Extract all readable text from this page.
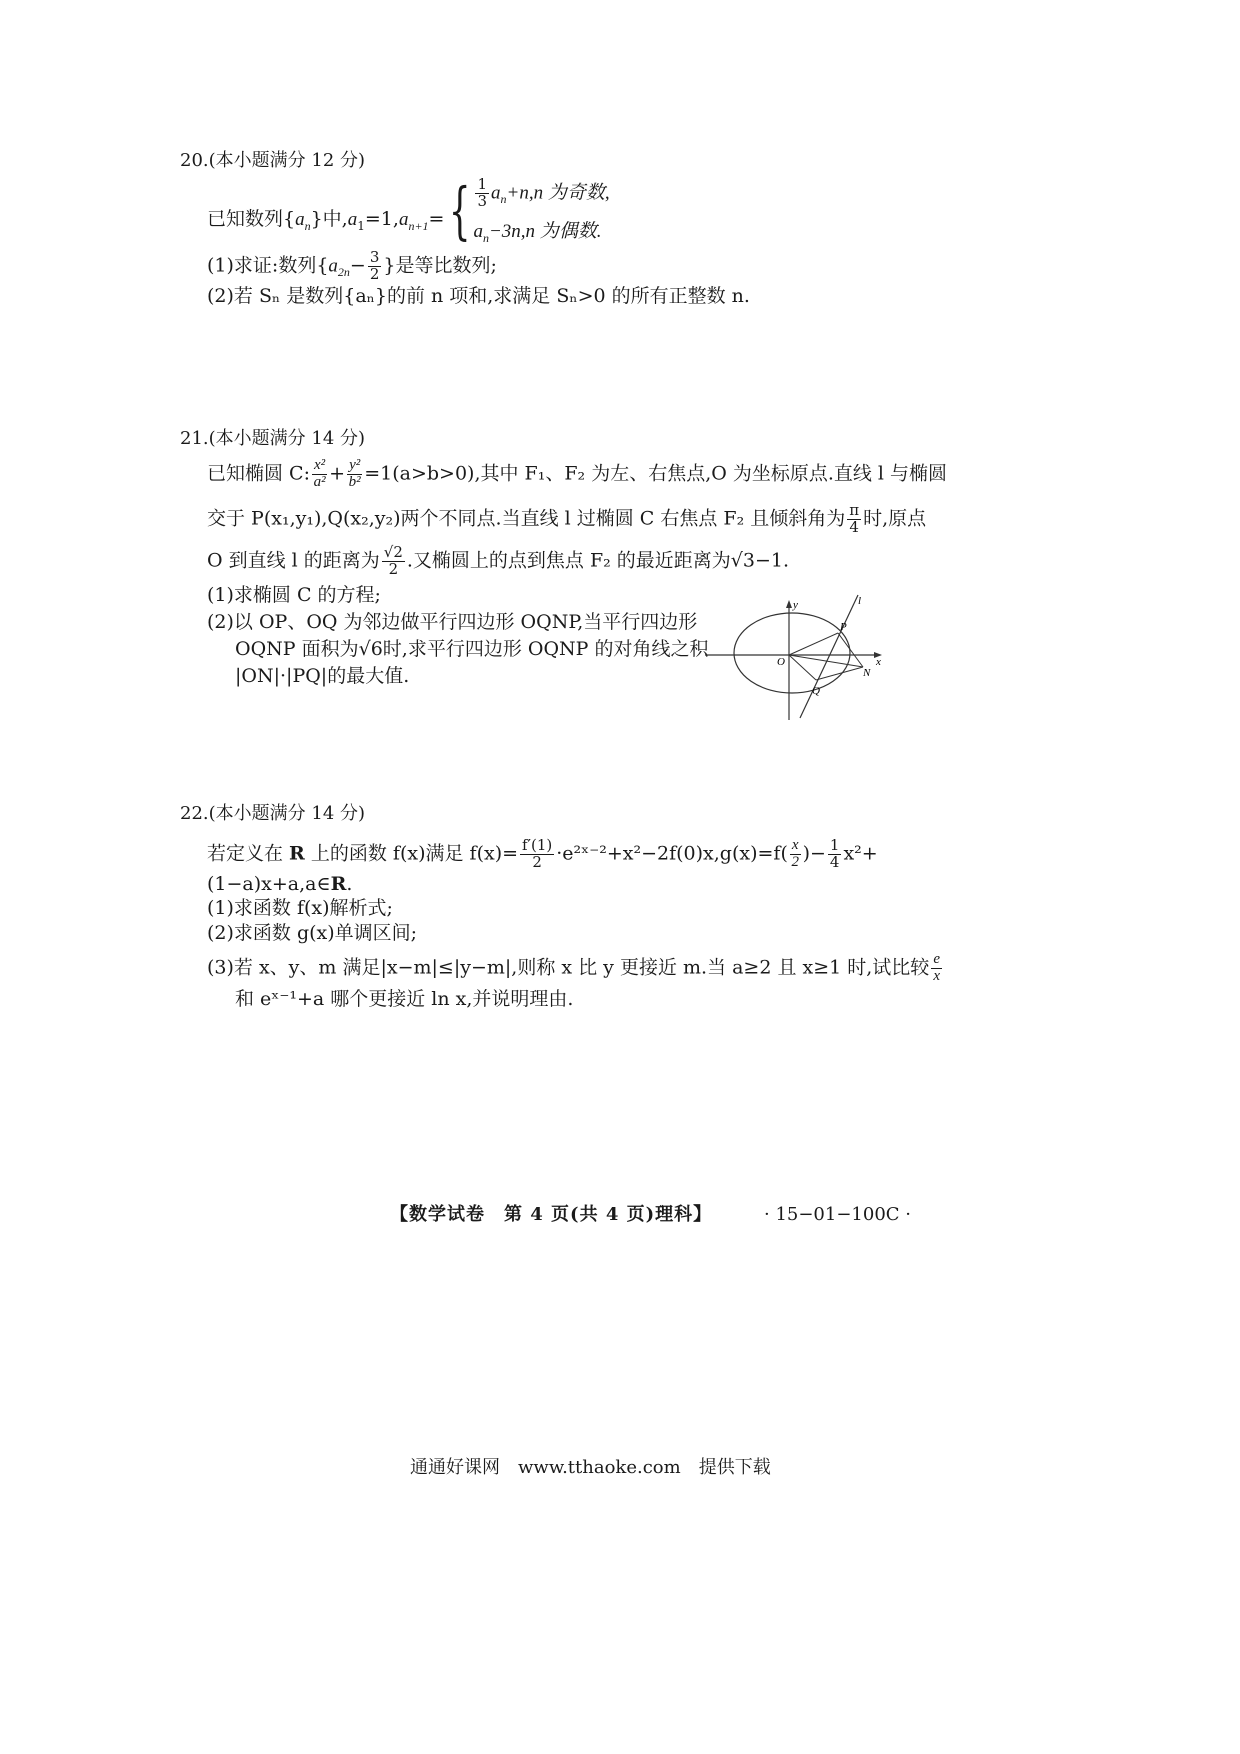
20.(本小题满分 12 分)
已知数列$\{a_n\}$中$,a_1=1,a_{n+1}=$ { $\frac{1}{3} a_n+n,n$ 为奇数,
$a_n-3n,n$ 为偶数.
(1)求证:数列{$a_{2n}- \frac{3}{2}$ }是等比数列;
(2)若 Sₙ 是数列{aₙ}的前 n 项和,求满足 Sₙ>0 的所有正整数 n.
21.(本小题满分 14 分)
已知椭圆 C: $\frac{\text{x²}}{\text{a²}} + \frac{\text{y²}}{\text{b²}} =1(a>b>0)$,其中 F₁、F₂ 为左、右焦点,O 为坐标原点.直线 l 与椭圆
交于 P(x₁,y₁),Q(x₂,y₂)两个不同点.当直线 l 过椭圆 C 右焦点 F₂ 且倾斜角为 $\frac{\pi}{4}$ 时,原点
O 到直线 l 的距离为 $\frac{√2}{2}$ .又椭圆上的点到焦点 F₂ 的最近距离为√3−1.
(1)求椭圆 C 的方程;
(2)以 OP、OQ 为邻边做平行四边形 OQNP,当平行四边形
OQNP 面积为√6时,求平行四边形 OQNP 的对角线之积
|ON|·|PQ|的最大值.
y	l
P
O	x
N
Q
22.(本小题满分 14 分)
若定义在 R 上的函数 f(x)满足 $f(x)= \frac{f'(1)}{2}$ ·e²ˣ⁻²+x²−2f(0)x,g(x)=f( $\frac{x}{2}$ )− $\frac{1}{4} x^2+$
(1−a)x+a,a∈R.
(1)求函数 f(x)解析式;
(2)求函数 g(x)单调区间;
(3)若 x、y、m 满足|x−m|≤|y−m|,则称 x 比 y 更接近 m.当 a≥2 且 x≥1 时,试比较 $\frac{e}{x}$
和 eˣ⁻¹+a 哪个更接近 ln x,并说明理由.
【数学试卷　第 4 页(共 4 页)理科】	· 15−01−100C ·
通通好课网　www.tthaoke.com　提供下载
